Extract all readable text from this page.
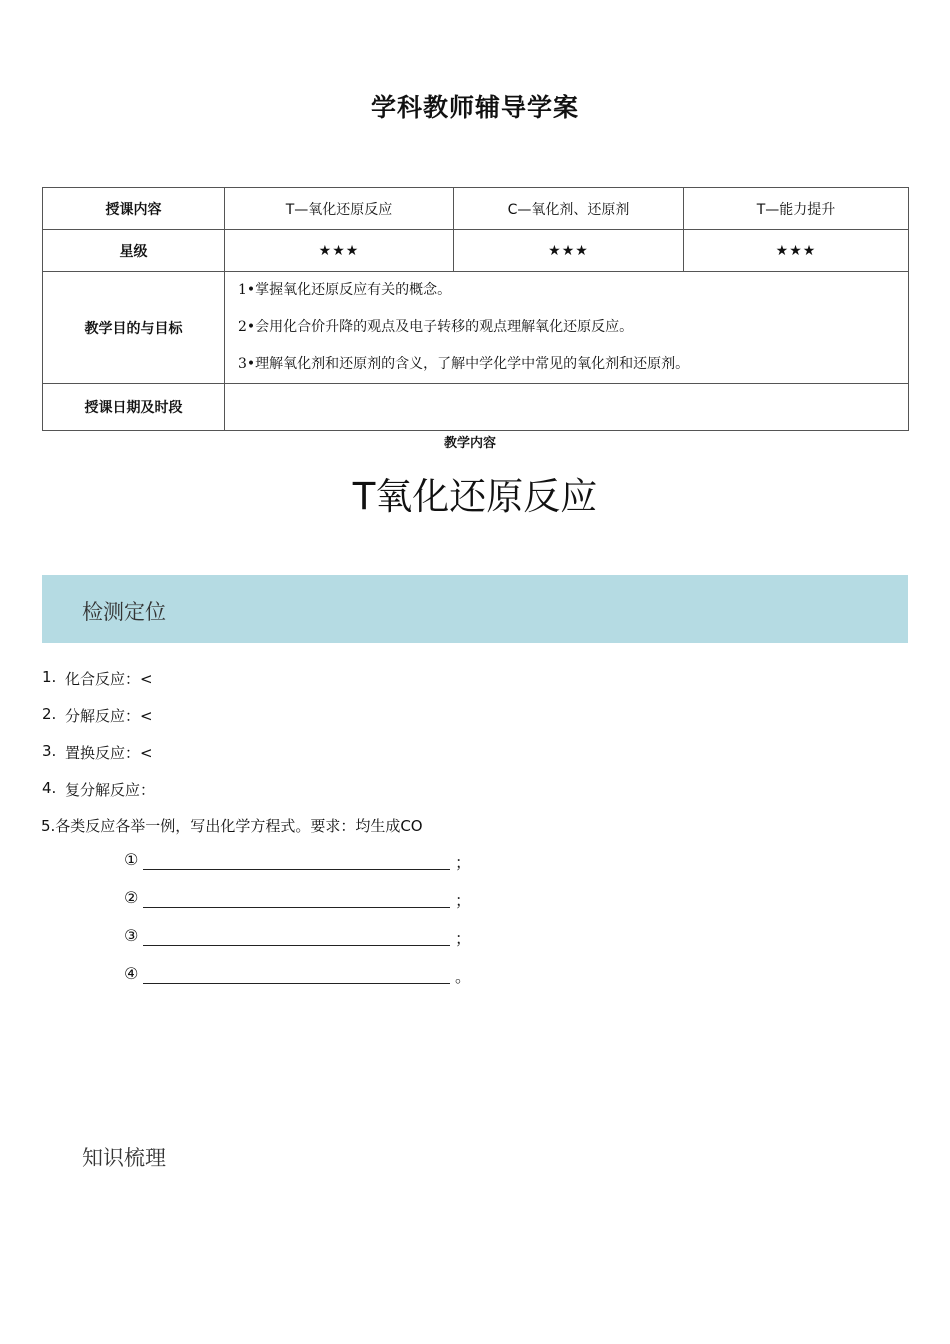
学科教师辅导学案
授课内容	T—氧化还原反应	C—氧化剂、还原剂	T—能力提升
星级	★★★	★★★	★★★
教学目的与目标	1•掌握氧化还原反应有关的概念。
2•会用化合价升降的观点及电子转移的观点理解氧化还原反应。
3•理解氧化剂和还原剂的含义，了解中学化学中常见的氧化剂和还原剂。		

授课日期及时段			
教学内容
T氧化还原反应
检测定位
1. 化合反应：<
2. 分解反应：<
3. 置换反应：<
4. 复分解反应：
5.各类反应各举一例，写出化学方程式。要求：均生成CO
①	；
②	；
③	；
④	。
知识梳理
